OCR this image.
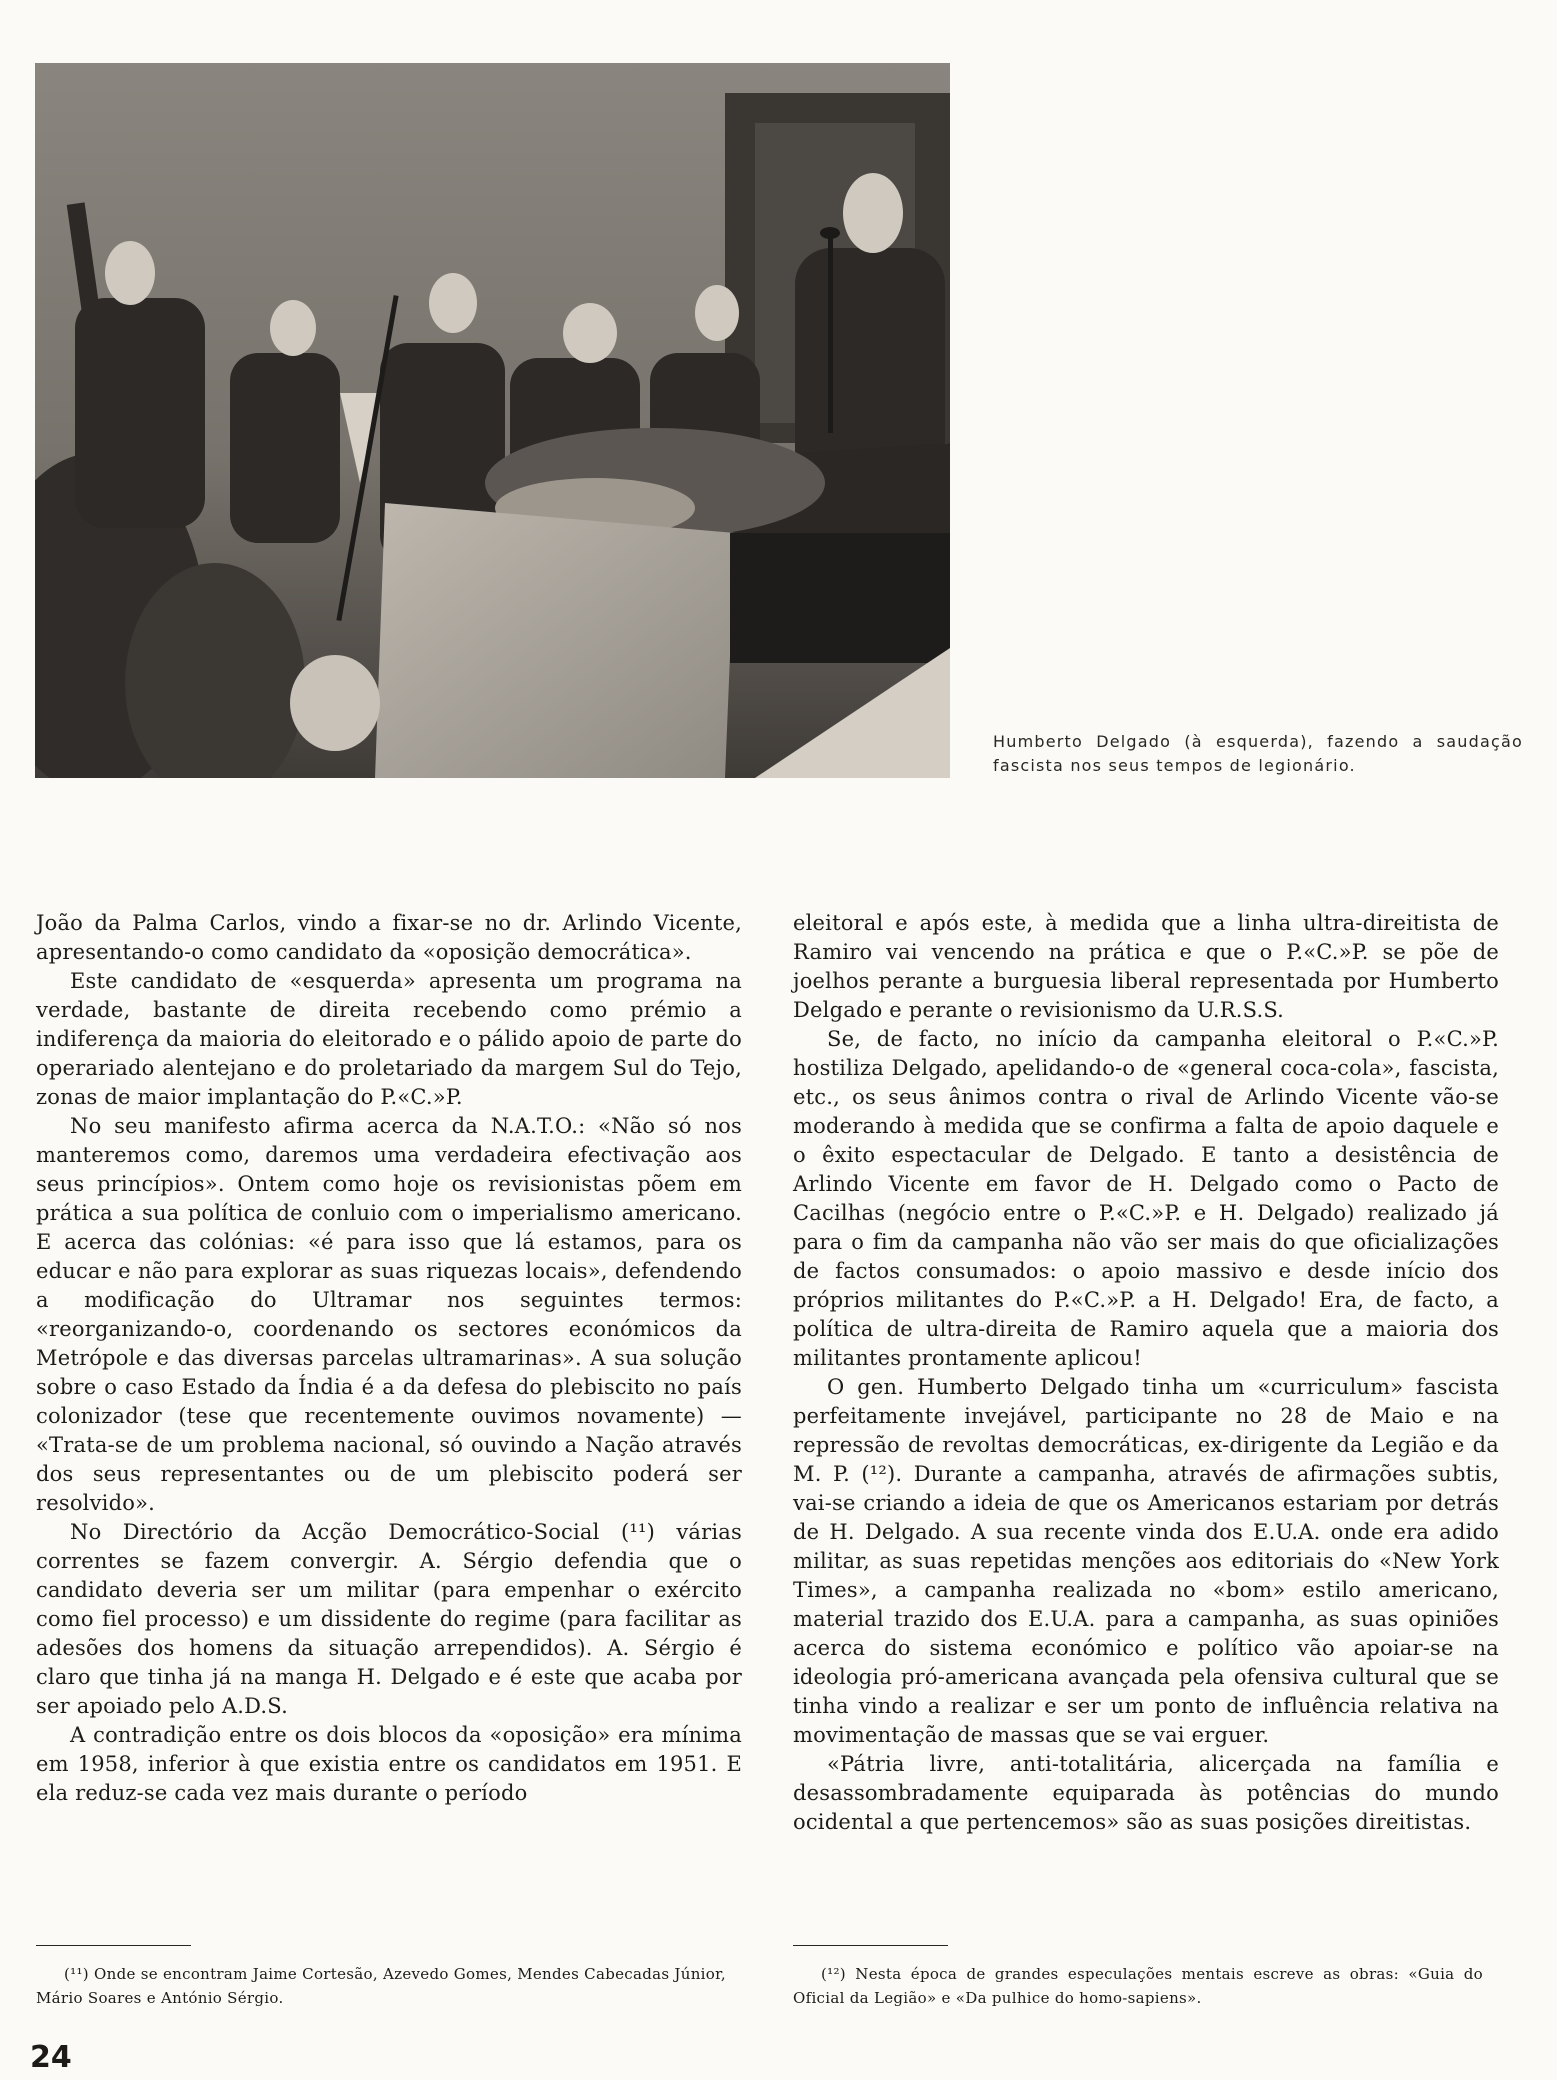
Humberto Delgado (à esquerda), fazendo a saudação fascista nos seus tempos de legionário.

João da Palma Carlos, vindo a fixar-se no dr. Arlindo Vicente, apresentando-o como candidato da «oposição democrática».

Este candidato de «esquerda» apresenta um programa na verdade, bastante de direita recebendo como prémio a indiferença da maioria do eleitorado e o pálido apoio de parte do operariado alentejano e do proletariado da margem Sul do Tejo, zonas de maior implantação do P.«C.»P.

No seu manifesto afirma acerca da N.A.T.O.: «Não só nos manteremos como, daremos uma verdadeira efectivação aos seus princípios». Ontem como hoje os revisionistas põem em prática a sua política de conluio com o imperialismo americano. E acerca das colónias: «é para isso que lá estamos, para os educar e não para explorar as suas riquezas locais», defendendo a modificação do Ultramar nos seguintes termos: «reorganizando-o, coordenando os sectores económicos da Metrópole e das diversas parcelas ultramarinas». A sua solução sobre o caso Estado da Índia é a da defesa do plebiscito no país colonizador (tese que recentemente ouvimos novamente) — «Trata-se de um problema nacional, só ouvindo a Nação através dos seus representantes ou de um plebiscito poderá ser resolvido».

No Directório da Acção Democrático-Social (¹¹) várias correntes se fazem convergir. A. Sérgio defendia que o candidato deveria ser um militar (para empenhar o exército como fiel processo) e um dissidente do regime (para facilitar as adesões dos homens da situação arrependidos). A. Sérgio é claro que tinha já na manga H. Delgado e é este que acaba por ser apoiado pelo A.D.S.

A contradição entre os dois blocos da «oposição» era mínima em 1958, inferior à que existia entre os candidatos em 1951. E ela reduz-se cada vez mais durante o período

eleitoral e após este, à medida que a linha ultra-direitista de Ramiro vai vencendo na prática e que o P.«C.»P. se põe de joelhos perante a burguesia liberal representada por Humberto Delgado e perante o revisionismo da U.R.S.S.

Se, de facto, no início da campanha eleitoral o P.«C.»P. hostiliza Delgado, apelidando-o de «general coca-cola», fascista, etc., os seus ânimos contra o rival de Arlindo Vicente vão-se moderando à medida que se confirma a falta de apoio daquele e o êxito espectacular de Delgado. E tanto a desistência de Arlindo Vicente em favor de H. Delgado como o Pacto de Cacilhas (negócio entre o P.«C.»P. e H. Delgado) realizado já para o fim da campanha não vão ser mais do que oficializações de factos consumados: o apoio massivo e desde início dos próprios militantes do P.«C.»P. a H. Delgado! Era, de facto, a política de ultra-direita de Ramiro aquela que a maioria dos militantes prontamente aplicou!

O gen. Humberto Delgado tinha um «curriculum» fascista perfeitamente invejável, participante no 28 de Maio e na repressão de revoltas democráticas, ex-dirigente da Legião e da M. P. (¹²). Durante a campanha, através de afirmações subtis, vai-se criando a ideia de que os Americanos estariam por detrás de H. Delgado. A sua recente vinda dos E.U.A. onde era adido militar, as suas repetidas menções aos editoriais do «New York Times», a campanha realizada no «bom» estilo americano, material trazido dos E.U.A. para a campanha, as suas opiniões acerca do sistema económico e político vão apoiar-se na ideologia pró-americana avançada pela ofensiva cultural que se tinha vindo a realizar e ser um ponto de influência relativa na movimentação de massas que se vai erguer.

«Pátria livre, anti-totalitária, alicerçada na família e desassombradamente equiparada às potências do mundo ocidental a que pertencemos» são as suas posições direitistas.

(¹¹) Onde se encontram Jaime Cortesão, Azevedo Gomes, Mendes Cabecadas Júnior, Mário Soares e António Sérgio.

(¹²) Nesta época de grandes especulações mentais escreve as obras: «Guia do Oficial da Legião» e «Da pulhice do homo-sapiens».

24
